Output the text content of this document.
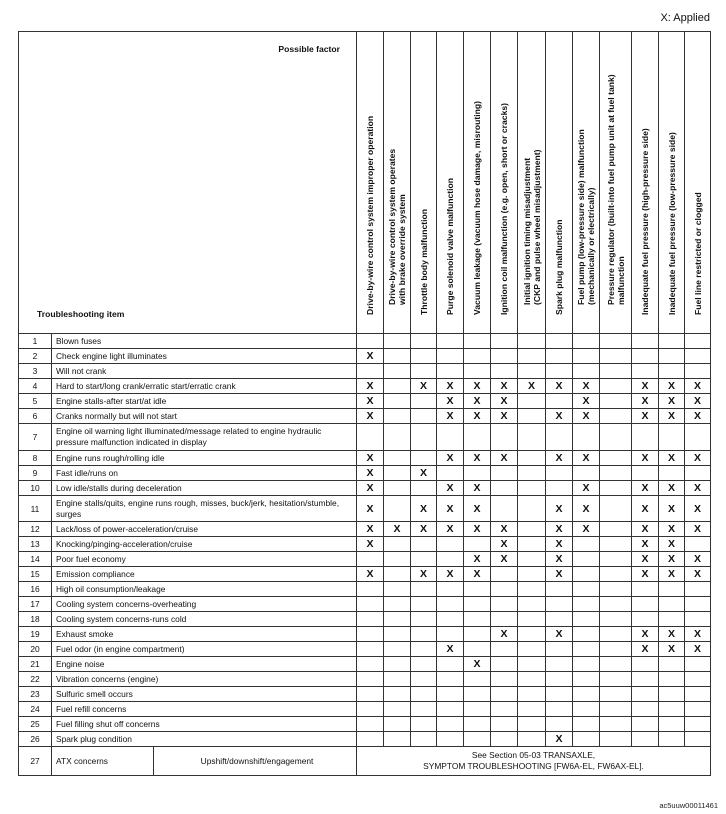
X: Applied
Possible factor
Troubleshooting item			Drive-by-wire control system improper operation	Drive-by-wire control system operates
with brake override system	Throttle body malfunction	Purge solenoid valve malfunction	Vacuum leakage (vacuum hose damage, misrouting)	Ignition coil malfunction (e.g. open, short or cracks)	Initial ignition timing misadjustment
(CKP and pulse wheel misadjustment)	Spark plug malfunction	Fuel pump (low-pressure side) malfunction
(mechanically or electrically)	Pressure regulator (built-into fuel pump unit at fuel tank)
malfunction	Inadequate fuel pressure (high-pressure side)	Inadequate fuel pressure (low-pressure side)	Fuel line restricted or clogged

1	Blown fuses														
2	Check engine light illuminates		X												
3	Will not crank														
4	Hard to start/long crank/erratic start/erratic crank		X		X	X	X	X	X	X	X		X	X	X
5	Engine stalls-after start/at idle		X			X	X	X			X		X	X	X
6	Cranks normally but will not start		X			X	X	X		X	X		X	X	X
7	Engine oil warning light illuminated/message related to engine hydraulic pressure malfunction indicated in display														
8	Engine runs rough/rolling idle		X			X	X	X		X	X		X	X	X
9	Fast idle/runs on		X		X										
10	Low idle/stalls during deceleration		X			X	X				X		X	X	X
11	Engine stalls/quits, engine runs rough, misses, buck/jerk, hesitation/stumble, surges		X		X	X	X			X	X		X	X	X
12	Lack/loss of power-acceleration/cruise		X	X	X	X	X	X		X	X		X	X	X
13	Knocking/pinging-acceleration/cruise		X					X		X			X	X	
14	Poor fuel economy						X	X		X			X	X	X
15	Emission compliance		X		X	X	X			X			X	X	X
16	High oil consumption/leakage														
17	Cooling system concerns-overheating														
18	Cooling system concerns-runs cold														
19	Exhaust smoke							X		X			X	X	X
20	Fuel odor (in engine compartment)					X							X	X	X
21	Engine noise						X								
22	Vibration concerns (engine)														
23	Sulfuric smell occurs														
24	Fuel refill concerns														
25	Fuel filling shut off concerns														
26	Spark plug condition									X					
27	ATX concerns	Upshift/downshift/engagement	See Section 05-03 TRANSAXLE,
SYMPTOM TROUBLESHOOTING [FW6A-EL, FW6AX-EL].												
ac5uuw00011461
